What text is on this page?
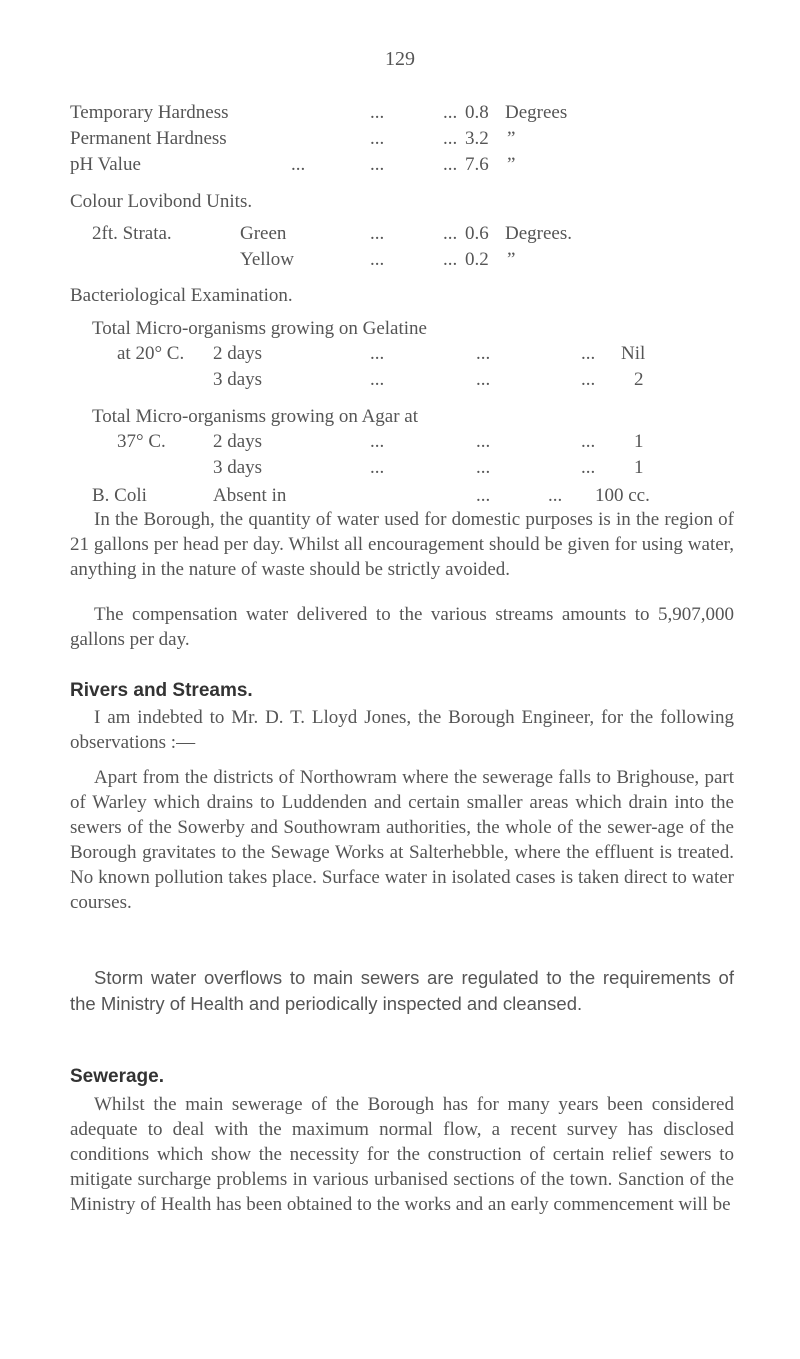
129
Temporary Hardness	...	... 0.8 Degrees
Permanent Hardness	...	... 3.2 ”
pH Value	...	...	... 7.6 ”
Colour Lovibond Units.
2ft. Strata.	Green	...	... 0.6 Degrees.
Yellow	...	... 0.2 ”
Bacteriological Examination.
Total Micro-organisms growing on Gelatine
at 20° C. 2 days	...	...	... Nil
3 days	...	...	... 2
Total Micro-organisms growing on Agar at
37° C. 2 days	...	...	... 1
3 days	...	...	... 1
B. Coli	Absent in	...	... 100 cc.

In the Borough, the quantity of water used for domestic purposes is in the region of 21 gallons per head per day. Whilst all encouragement should be given for using water, anything in the nature of waste should be strictly avoided.

The compensation water delivered to the various streams amounts to 5,907,000 gallons per day.

Rivers and Streams.

I am indebted to Mr. D. T. Lloyd Jones, the Borough Engineer, for the following observations :—

Apart from the districts of Northowram where the sewerage falls to Brighouse, part of Warley which drains to Luddenden and certain smaller areas which drain into the sewers of the Sowerby and Southowram authorities, the whole of the sewer-age of the Borough gravitates to the Sewage Works at Salterhebble, where the effluent is treated. No known pollution takes place. Surface water in isolated cases is taken direct to water courses.

Storm water overflows to main sewers are regulated to the requirements of the Ministry of Health and periodically inspected and cleansed.

Sewerage.

Whilst the main sewerage of the Borough has for many years been considered adequate to deal with the maximum normal flow, a recent survey has disclosed conditions which show the necessity for the construction of certain relief sewers to mitigate surcharge problems in various urbanised sections of the town. Sanction of the Ministry of Health has been obtained to the works and an early commencement will be
